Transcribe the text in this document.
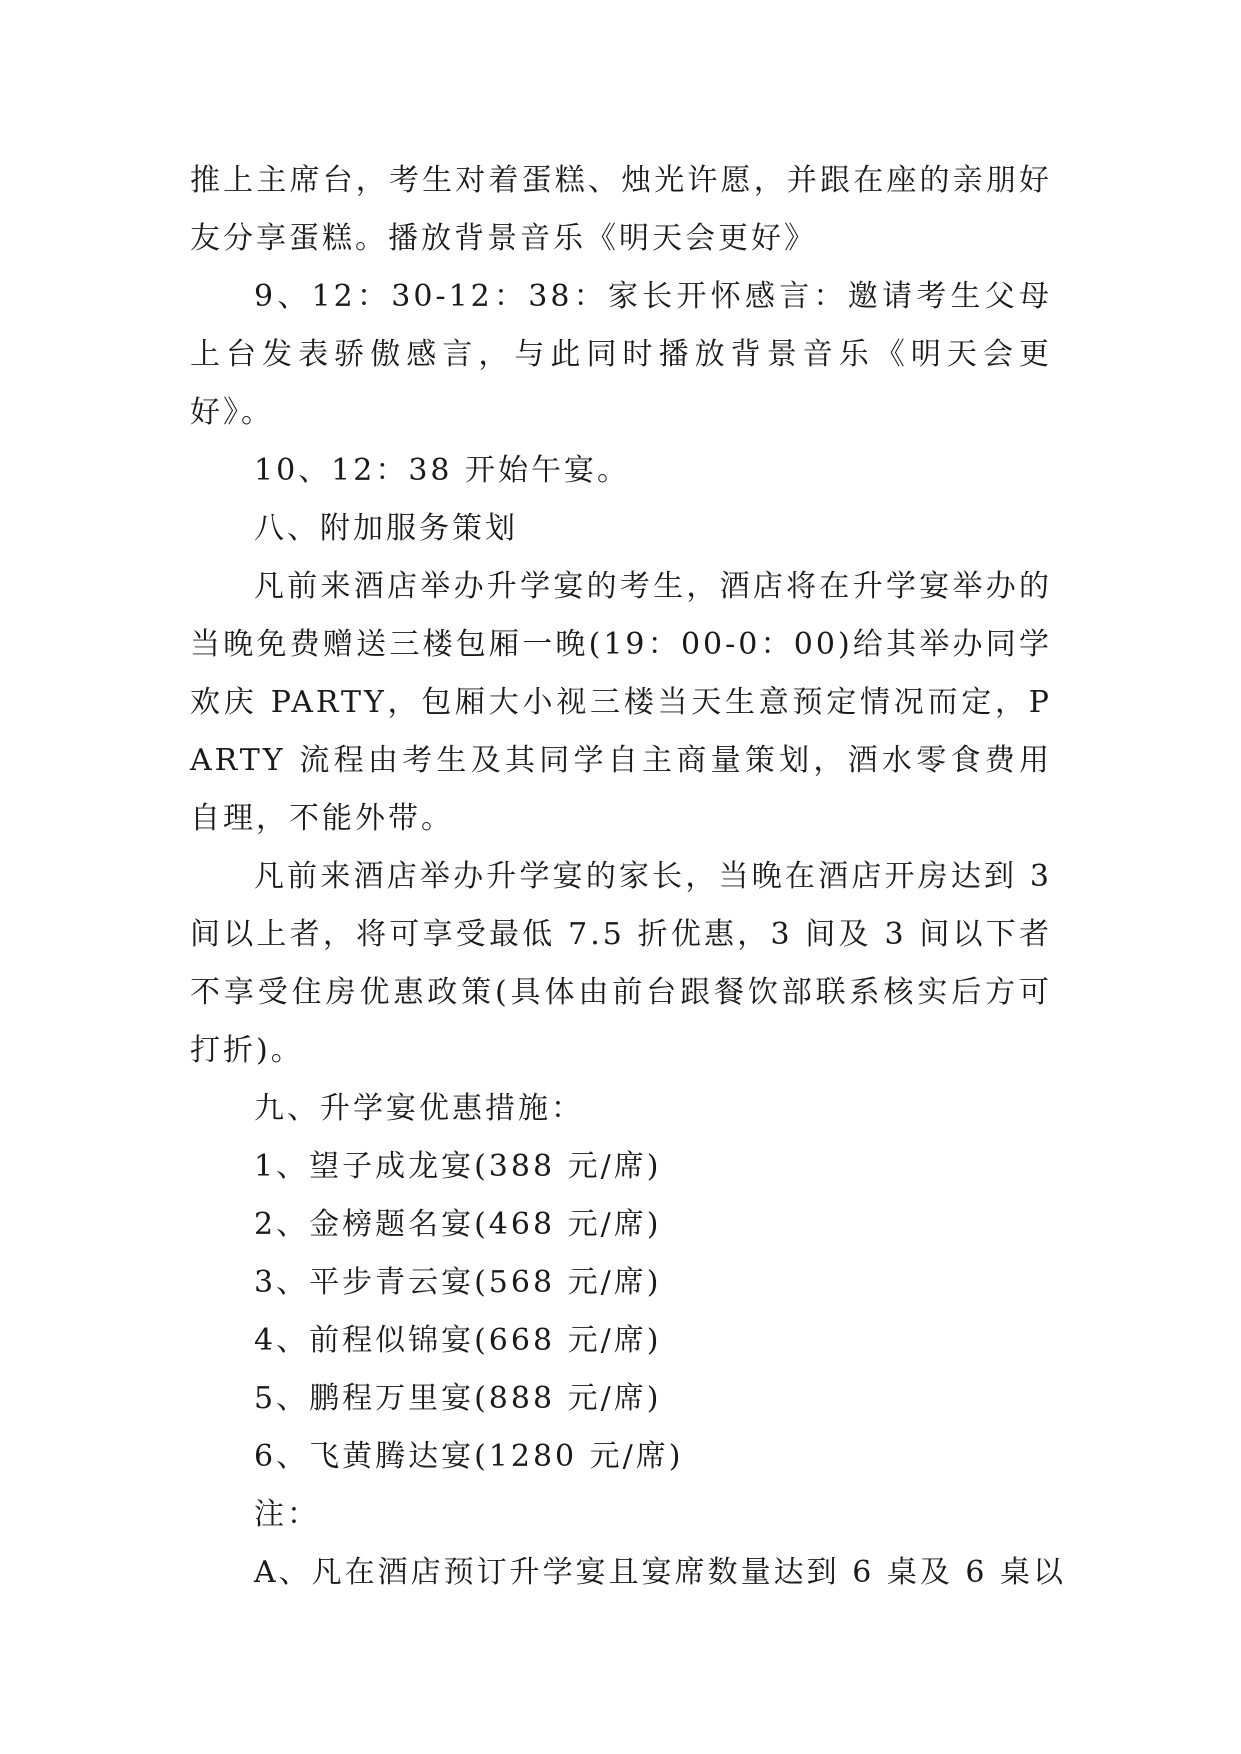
推上主席台，考生对着蛋糕、烛光许愿，并跟在座的亲朋好友分享蛋糕。播放背景音乐《明天会更好》

9、12：30-12：38：家长开怀感言：邀请考生父母上台发表骄傲感言，与此同时播放背景音乐《明天会更好》。

10、12：38 开始午宴。

八、附加服务策划

凡前来酒店举办升学宴的考生，酒店将在升学宴举办的当晚免费赠送三楼包厢一晚(19：00-0：00)给其举办同学欢庆 PARTY，包厢大小视三楼当天生意预定情况而定，PARTY 流程由考生及其同学自主商量策划，酒水零食费用自理，不能外带。

凡前来酒店举办升学宴的家长，当晚在酒店开房达到 3 间以上者，将可享受最低 7.5 折优惠，3 间及 3 间以下者不享受住房优惠政策(具体由前台跟餐饮部联系核实后方可打折)。

九、升学宴优惠措施：

1、望子成龙宴(388 元/席)

2、金榜题名宴(468 元/席)

3、平步青云宴(568 元/席)

4、前程似锦宴(668 元/席)

5、鹏程万里宴(888 元/席)

6、飞黄腾达宴(1280 元/席)

注：

A、凡在酒店预订升学宴且宴席数量达到 6 桌及 6 桌以
